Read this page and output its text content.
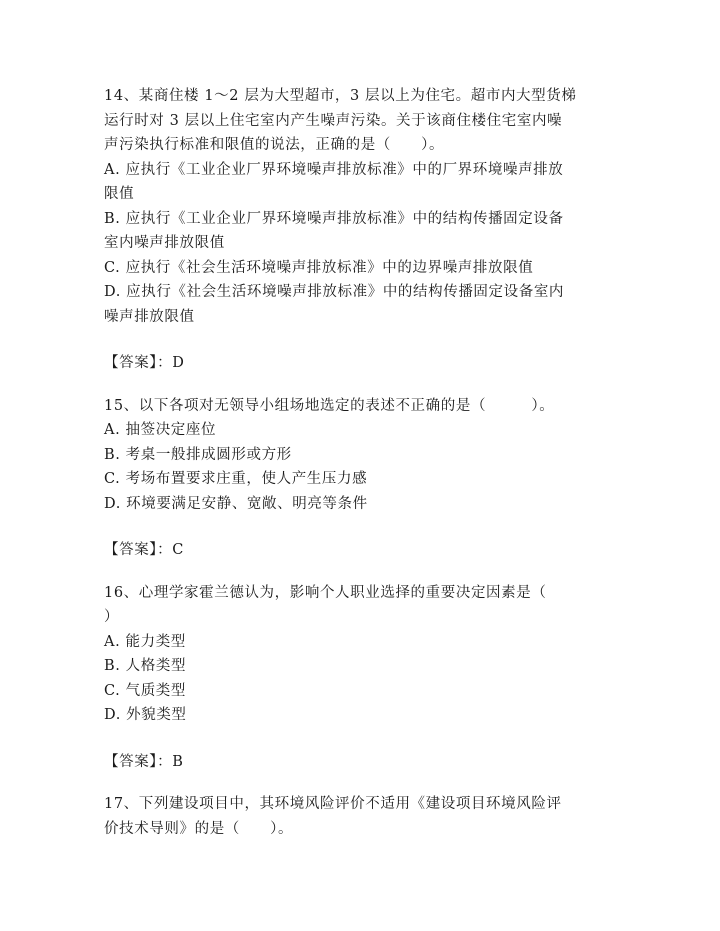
14、某商住楼 1～2 层为大型超市，3 层以上为住宅。超市内大型货梯
运行时对 3 层以上住宅室内产生噪声污染。关于该商住楼住宅室内噪
声污染执行标准和限值的说法，正确的是（　　）。
A. 应执行《工业企业厂界环境噪声排放标准》中的厂界环境噪声排放
限值
B. 应执行《工业企业厂界环境噪声排放标准》中的结构传播固定设备
室内噪声排放限值
C. 应执行《社会生活环境噪声排放标准》中的边界噪声排放限值
D. 应执行《社会生活环境噪声排放标准》中的结构传播固定设备室内
噪声排放限值
【答案】：D
15、以下各项对无领导小组场地选定的表述不正确的是（　　　）。
A. 抽签决定座位
B. 考桌一般排成圆形或方形
C. 考场布置要求庄重，使人产生压力感
D. 环境要满足安静、宽敞、明亮等条件
【答案】：C
16、心理学家霍兰德认为，影响个人职业选择的重要决定因素是（
）
A. 能力类型
B. 人格类型
C. 气质类型
D. 外貌类型
【答案】：B
17、下列建设项目中，其环境风险评价不适用《建设项目环境风险评
价技术导则》的是（　　）。
